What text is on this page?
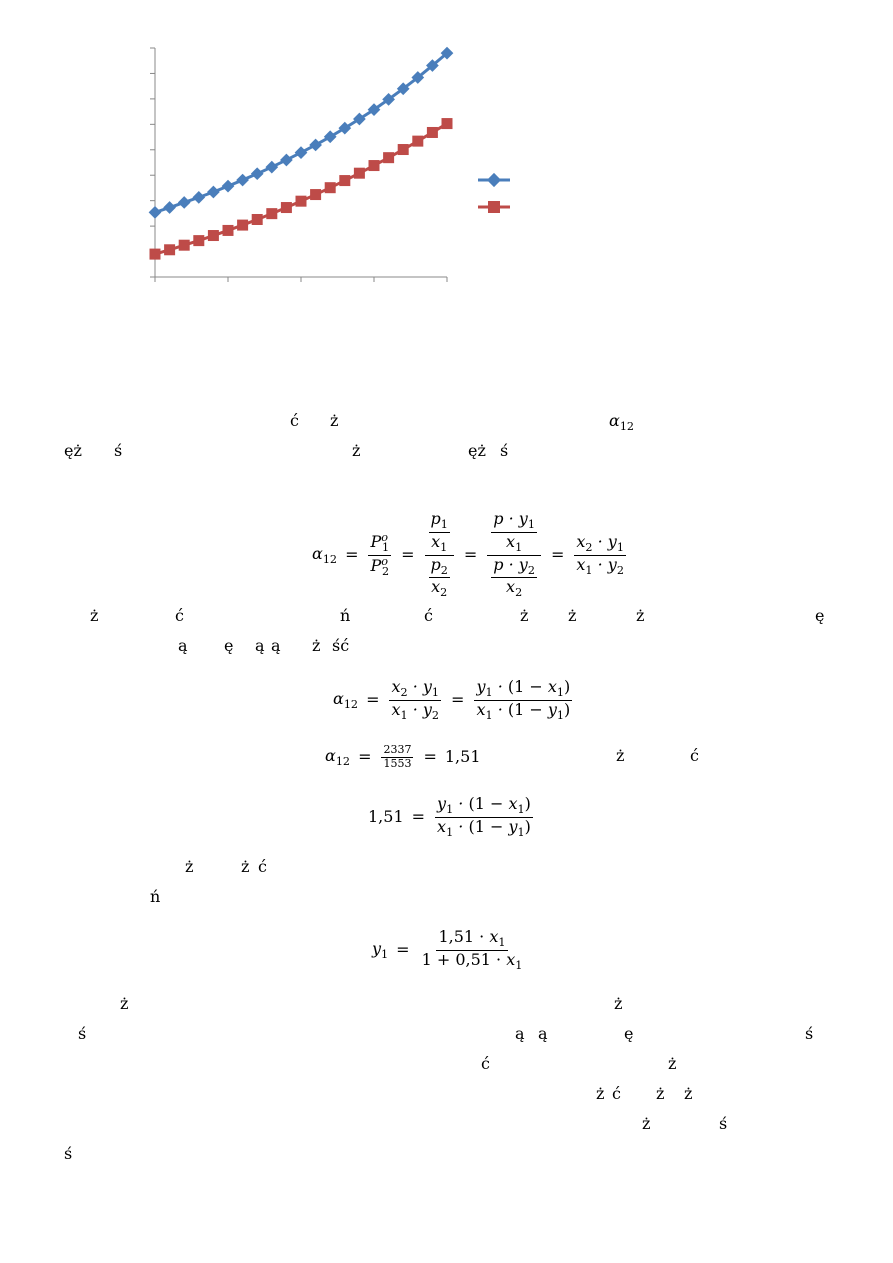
ć ż	$\alpha_{12}$
ęż ś	ż	ęż ś
$\alpha_{12} = \frac{P^o_1}{P^o_2} = \frac{\frac{p_1}{x_1}}{\frac{p_2}{x_2}} = \frac{\frac{p \cdot y_1}{x_1}}{\frac{p \cdot y_2}{x_2}} = \frac{x_2 \cdot y_1}{x_1 \cdot y_2}$
ż	ć	ń	ć	ż ż	ż	ę
ą ę ą ą ż ść
$\alpha_{12} = \frac{x_2 \cdot y_1}{x_1 \cdot y_2} = \frac{y_1 \cdot (1 - x_1)}{x_1 \cdot (1 - y_1)}$
$\alpha_{12} = \frac{2337}{1553} = 1,51$	ż	ć
$1,51 = \frac{y_1 \cdot (1 - x_1)}{x_1 \cdot (1 - y_1)}$
ż	ż ć
ń
$y_1 = \frac{1,51 \cdot x_1}{1 + 0,51 \cdot x_1}$
ż	ż
ś	ą ą	ę	ś
ć	ż
ż ć ż ż
ż	ś
ś
